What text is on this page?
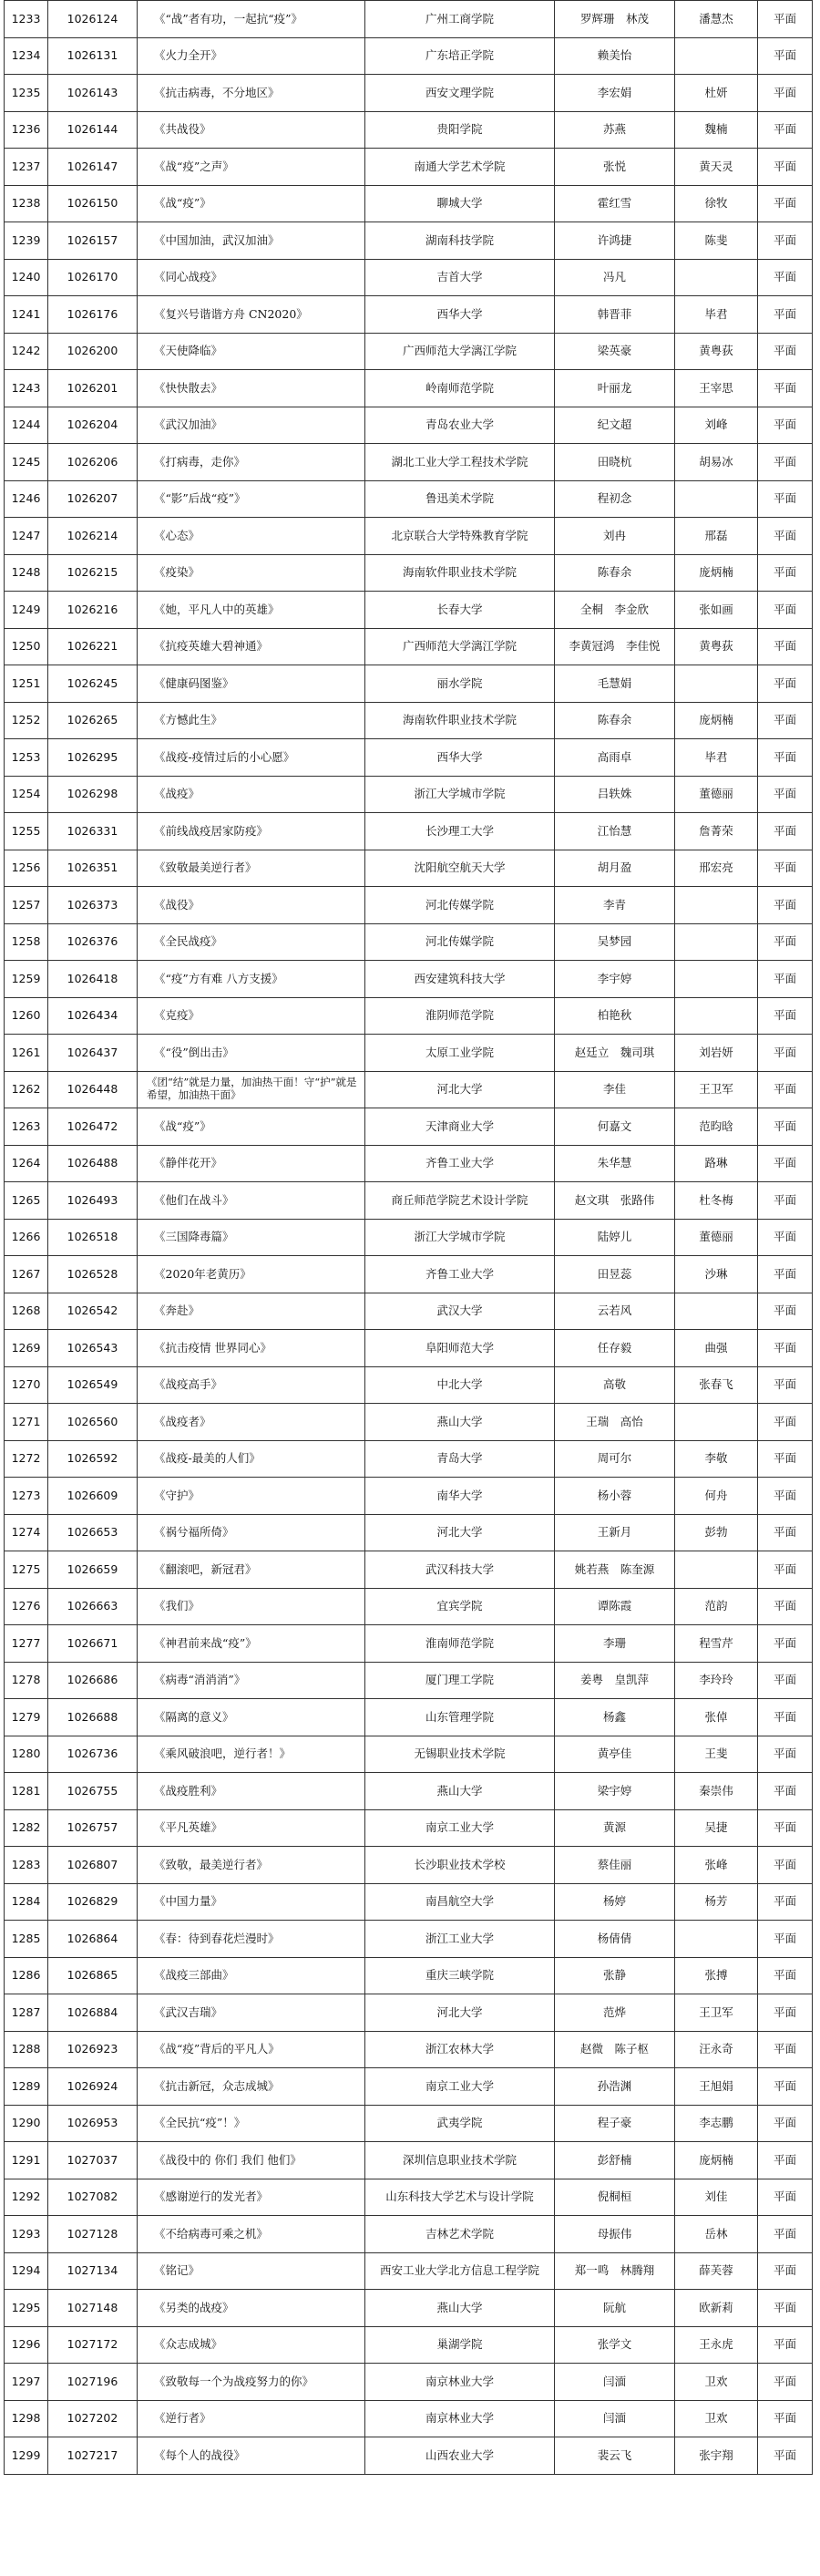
1233	1026124	《“战”者有功，一起抗“疫”》	广州工商学院	罗辉珊　林茂	潘慧杰	平面
1234	1026131	《火力全开》	广东培正学院	赖美怡		平面
1235	1026143	《抗击病毒，不分地区》	西安文理学院	李宏娟	杜妍	平面
1236	1026144	《共战役》	贵阳学院	苏燕	魏楠	平面
1237	1026147	《战“疫”之声》	南通大学艺术学院	张悦	黄天灵	平面
1238	1026150	《战“疫”》	聊城大学	霍红雪	徐牧	平面
1239	1026157	《中国加油，武汉加油》	湖南科技学院	许鸿捷	陈斐	平面
1240	1026170	《同心战疫》	吉首大学	冯凡		平面
1241	1026176	《复兴号谐谐方舟 CN2020》	西华大学	韩晋菲	毕君	平面
1242	1026200	《天使降临》	广西师范大学漓江学院	梁英豪	黄粤荻	平面
1243	1026201	《快快散去》	岭南师范学院	叶丽龙	王宰思	平面
1244	1026204	《武汉加油》	青岛农业大学	纪文超	刘峰	平面
1245	1026206	《打病毒，走你》	湖北工业大学工程技术学院	田晓杭	胡易冰	平面
1246	1026207	《“影”后战“疫”》	鲁迅美术学院	程初念		平面
1247	1026214	《心态》	北京联合大学特殊教育学院	刘冉	邢磊	平面
1248	1026215	《疫染》	海南软件职业技术学院	陈春余	庞炳楠	平面
1249	1026216	《她，平凡人中的英雄》	长春大学	全桐　李金欣	张如画	平面
1250	1026221	《抗疫英雄大碧神通》	广西师范大学漓江学院	李黄冠鸿　李佳悦	黄粤荻	平面
1251	1026245	《健康码图鉴》	丽水学院	毛慧娟		平面
1252	1026265	《方憾此生》	海南软件职业技术学院	陈春余	庞炳楠	平面
1253	1026295	《战疫-疫情过后的小心愿》	西华大学	高雨卓	毕君	平面
1254	1026298	《战疫》	浙江大学城市学院	吕轶姝	董德丽	平面
1255	1026331	《前线战疫居家防疫》	长沙理工大学	江怡慧	詹菁荣	平面
1256	1026351	《致敬最美逆行者》	沈阳航空航天大学	胡月盈	邢宏亮	平面
1257	1026373	《战役》	河北传媒学院	李青		平面
1258	1026376	《全民战疫》	河北传媒学院	吴梦园		平面
1259	1026418	《“疫”方有难 八方支援》	西安建筑科技大学	李宇婷		平面
1260	1026434	《克疫》	淮阴师范学院	柏艳秋		平面
1261	1026437	《“役”倒出击》	太原工业学院	赵廷立　魏司琪	刘岩妍	平面
1262	1026448	《团“结”就是力量，加油热干面！守“护”就是希望，加油热干面》	河北大学	李佳	王卫军	平面
1263	1026472	《战“疫”》	天津商业大学	何嘉文	范昀晗	平面
1264	1026488	《静伴花开》	齐鲁工业大学	朱华慧	路琳	平面
1265	1026493	《他们在战斗》	商丘师范学院艺术设计学院	赵文琪　张路伟	杜冬梅	平面
1266	1026518	《三国降毒篇》	浙江大学城市学院	陆婷儿	董德丽	平面
1267	1026528	《2020年老黄历》	齐鲁工业大学	田昱蕊	沙琳	平面
1268	1026542	《奔赴》	武汉大学	云若风		平面
1269	1026543	《抗击疫情 世界同心》	阜阳师范大学	任存毅	曲强	平面
1270	1026549	《战疫高手》	中北大学	高敬	张春飞	平面
1271	1026560	《战疫者》	燕山大学	王瑞　高怡		平面
1272	1026592	《战疫-最美的人们》	青岛大学	周可尔	李敬	平面
1273	1026609	《守护》	南华大学	杨小蓉	何舟	平面
1274	1026653	《祸兮福所倚》	河北大学	王新月	彭勃	平面
1275	1026659	《翻滚吧，新冠君》	武汉科技大学	姚若燕　陈奎源		平面
1276	1026663	《我们》	宜宾学院	谭陈霞	范韵	平面
1277	1026671	《神君前来战“疫”》	淮南师范学院	李珊	程雪芹	平面
1278	1026686	《病毒“消消消”》	厦门理工学院	姜粤　皇凯萍	李玲玲	平面
1279	1026688	《隔离的意义》	山东管理学院	杨鑫	张倬	平面
1280	1026736	《乘风破浪吧，逆行者！》	无锡职业技术学院	黄亭佳	王斐	平面
1281	1026755	《战疫胜利》	燕山大学	梁宇婷	秦崇伟	平面
1282	1026757	《平凡英雄》	南京工业大学	黄源	吴捷	平面
1283	1026807	《致敬，最美逆行者》	长沙职业技术学校	蔡佳丽	张峰	平面
1284	1026829	《中国力量》	南昌航空大学	杨婷	杨芳	平面
1285	1026864	《春：待到春花烂漫时》	浙江工业大学	杨倩倩		平面
1286	1026865	《战疫三部曲》	重庆三峡学院	张静	张搏	平面
1287	1026884	《武汉吉瑞》	河北大学	范烨	王卫军	平面
1288	1026923	《战“疫”背后的平凡人》	浙江农林大学	赵微　陈子枢	汪永奇	平面
1289	1026924	《抗击新冠，众志成城》	南京工业大学	孙浩渊	王旭娟	平面
1290	1026953	《全民抗“疫”！》	武夷学院	程子豪	李志鹏	平面
1291	1027037	《战役中的 你们 我们 他们》	深圳信息职业技术学院	彭舒楠	庞炳楠	平面
1292	1027082	《感谢逆行的发光者》	山东科技大学艺术与设计学院	倪桐桓	刘佳	平面
1293	1027128	《不给病毒可乘之机》	吉林艺术学院	母振伟	岳林	平面
1294	1027134	《铭记》	西安工业大学北方信息工程学院	郑一鸣　林腾翔	薛芙蓉	平面
1295	1027148	《另类的战疫》	燕山大学	阮航	欧新莉	平面
1296	1027172	《众志成城》	巢湖学院	张学文	王永虎	平面
1297	1027196	《致敬每一个为战疫努力的你》	南京林业大学	闫湎	卫欢	平面
1298	1027202	《逆行者》	南京林业大学	闫湎	卫欢	平面
1299	1027217	《每个人的战役》	山西农业大学	裴云飞	张宇翔	平面
